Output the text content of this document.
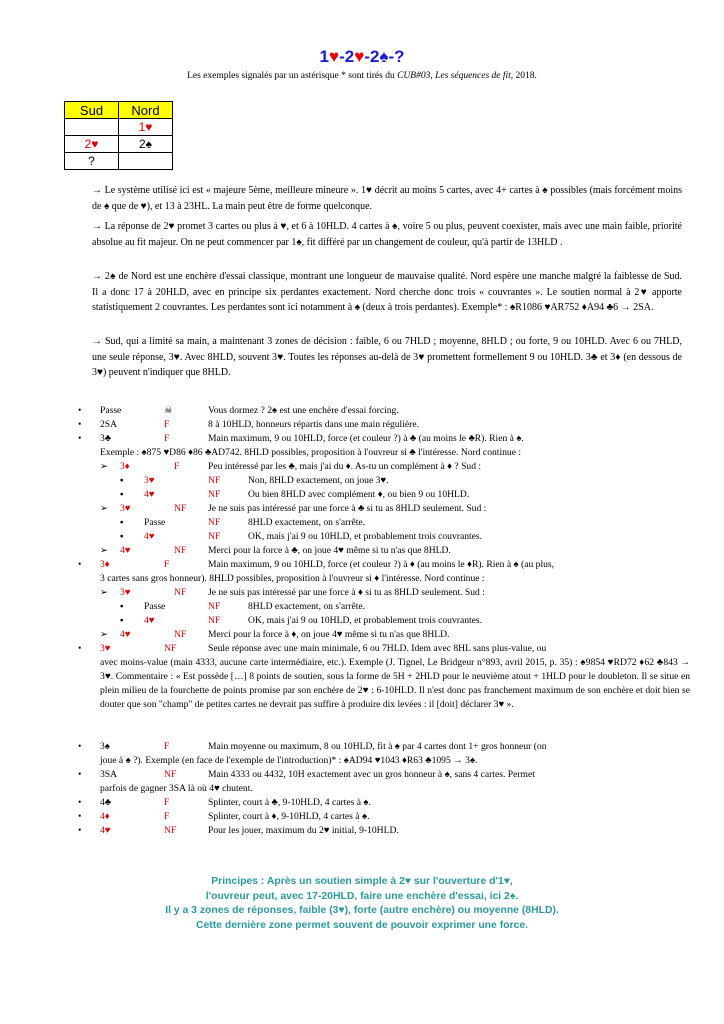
1♥-2♥-2♠-?
Les exemples signalés par un astérisque * sont tirés du CUB#03, Les séquences de fit, 2018.
Sud	Nord
	1♥
2♥	2♠
?	
→ Le système utilisé ici est « majeure 5ème, meilleure mineure ». 1♥ décrit au moins 5 cartes, avec 4+ cartes à ♠ possibles (mais forcément moins de ♠ que de ♥), et 13 à 23HL. La main peut être de forme quelconque.
→ La réponse de 2♥ promet 3 cartes ou plus à ♥, et 6 à 10HLD. 4 cartes à ♠, voire 5 ou plus, peuvent coexister, mais avec une main faible, priorité absolue au fit majeur. On ne peut commencer par 1♠, fit différé par un changement de couleur, qu'à partir de 13HLD .
→ 2♠ de Nord est une enchère d'essai classique, montrant une longueur de mauvaise qualité. Nord espère une manche malgré la faiblesse de Sud. Il a donc 17 à 20HLD, avec en principe six perdantes exactement. Nord cherche donc trois « couvrantes ». Le soutien normal à 2♥ apporte statistiquement 2 couvrantes. Les perdantes sont ici notamment à ♠ (deux à trois perdantes). Exemple* : ♠R1086 ♥AR752 ♦A94 ♣6 → 2SA.
→ Sud, qui a limité sa main, a maintenant 3 zones de décision : faible, 6 ou 7HLD ; moyenne, 8HLD ; ou forte, 9 ou 10HLD. Avec 6 ou 7HLD, une seule réponse, 3♥. Avec 8HLD, souvent 3♥. Toutes les réponses au-delà de 3♥ promettent formellement 9 ou 10HLD. 3♣ et 3♦ (en dessous de 3♥) peuvent n'indiquer que 8HLD.
• Passe	☠	Vous dormez ? 2♠ est une enchère d'essai forcing.
• 2SA	F	8 à 10HLD, honneurs répartis dans une main régulière.
• 3♣	F	Main maximum, 9 ou 10HLD, force (et couleur ?) à ♣ (au moins le ♣R). Rien à ♠.
Exemple : ♠875 ♥D86 ♦86 ♣AD742. 8HLD possibles, proposition à l'ouvreur si ♣ l'intéresse. Nord continue :
➢ 3♦	F	Peu intéressé par les ♣, mais j'ai du ♦. As-tu un complément à ♦ ? Sud :
▪ 3♥	NF	Non, 8HLD exactement, on joue 3♥.
▪ 4♥	NF	Ou bien 8HLD avec complément ♦, ou bien 9 ou 10HLD.
➢ 3♥	NF Je ne suis pas intéressé par une force à ♣ si tu as 8HLD seulement. Sud :
▪ Passe	NF	8HLD exactement, on s'arrête.
▪ 4♥	NF	OK, mais j'ai 9 ou 10HLD, et probablement trois couvrantes.
➢ 4♥	NF Merci pour la force à ♣, on joue 4♥ même si tu n'as que 8HLD.
• 3♦	F	Main maximum, 9 ou 10HLD, force (et couleur ?) à ♦ (au moins le ♦R). Rien à ♠ (au plus,
3 cartes sans gros honneur). 8HLD possibles, proposition à l'ouvreur si ♦ l'intéresse. Nord continue :
➢ 3♥	NF Je ne suis pas intéressé par une force à ♦ si tu as 8HLD seulement. Sud :
▪ Passe	NF	8HLD exactement, on s'arrête.
▪ 4♥	NF	OK, mais j'ai 9 ou 10HLD, et probablement trois couvrantes.
➢ 4♥	NF Merci pour la force à ♦, on joue 4♥ même si tu n'as que 8HLD.
• 3♥	NF	Seule réponse avec une main minimale, 6 ou 7HLD. Idem avec 8HL sans plus-value, ou
avec moins-value (main 4333, aucune carte intermédiaire, etc.). Exemple (J. Tignel, Le Bridgeur n°893, avril 2015, p. 35) : ♠9854 ♥RD72 ♦62 ♣843 → 3♥. Commentaire : « Est possède […] 8 points de soutien, sous la forme de 5H + 2HLD pour le neuvième atout + 1HLD pour le doubleton. Il se situe en plein milieu de la fourchette de points promise par son enchère de 2♥ : 6-10HLD. Il n'est donc pas franchement maximum de son enchère et doit bien se douter que son "champ" de petites cartes ne devrait pas suffire à produire dix levées : il [doit] déclarer 3♥ ».
• 3♠	F	Main moyenne ou maximum, 8 ou 10HLD, fit à ♠ par 4 cartes dont 1+ gros honneur (on
joue à ♠ ?). Exemple (en face de l'exemple de l'introduction)* : ♠AD94 ♥1043 ♦R63 ♣1095 → 3♠.
• 3SA	NF	Main 4333 ou 4432, 10H exactement avec un gros honneur à ♠, sans 4 cartes. Permet
parfois de gagner 3SA là où 4♥ chutent.
• 4♣	F	Splinter, court à ♣, 9-10HLD, 4 cartes à ♠.
• 4♦	F	Splinter, court à ♦, 9-10HLD, 4 cartes à ♠.
• 4♥	NF	Pour les jouer, maximum du 2♥ initial, 9-10HLD.
Principes : Après un soutien simple à 2♥ sur l'ouverture d'1♥,
l'ouvreur peut, avec 17-20HLD, faire une enchère d'essai, ici 2♠.
Il y a 3 zones de réponses, faible (3♥), forte (autre enchère) ou moyenne (8HLD).
Cette dernière zone permet souvent de pouvoir exprimer une force.
